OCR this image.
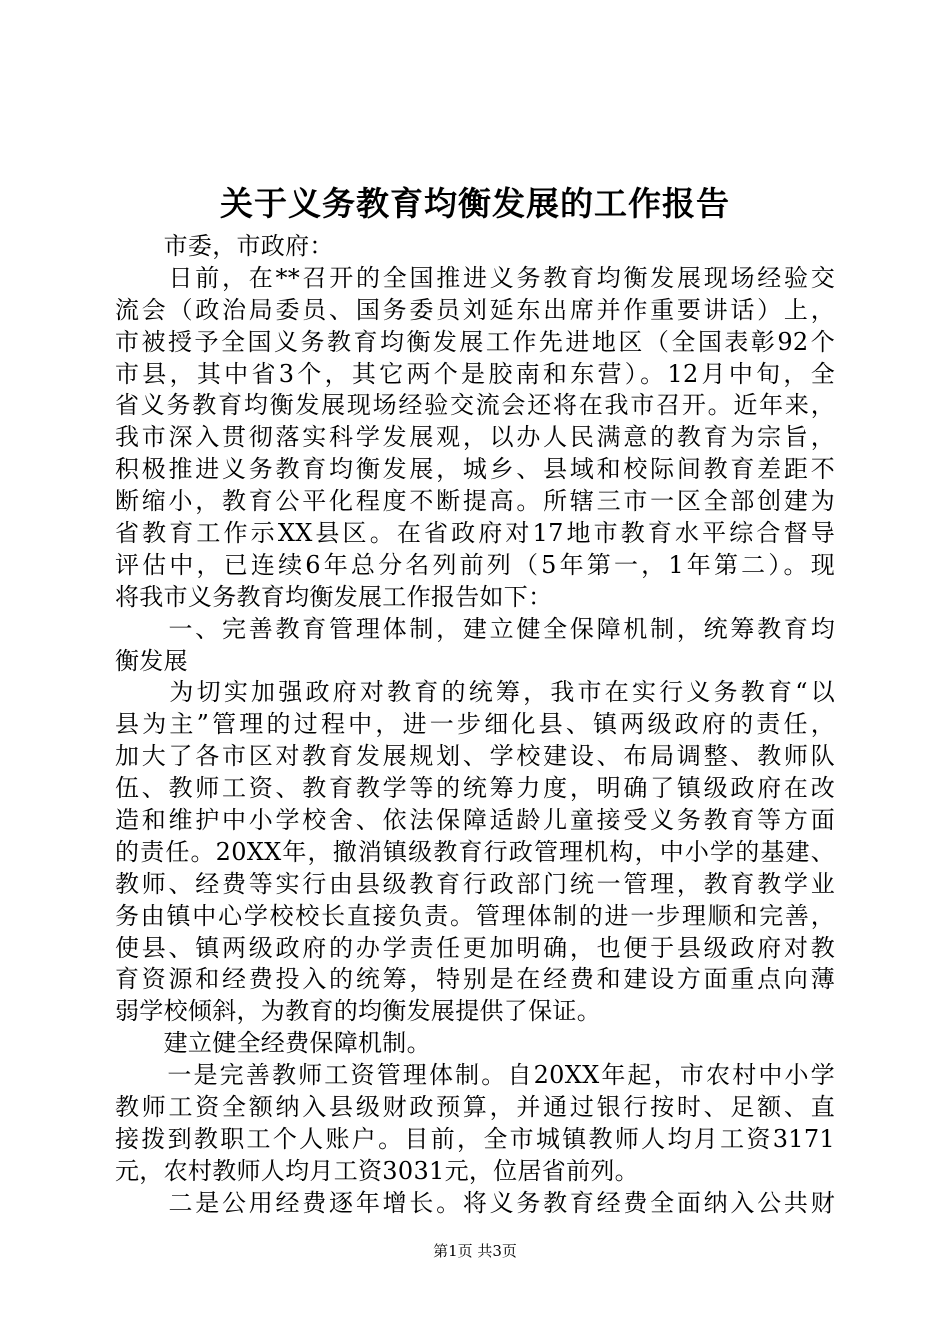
关于义务教育均衡发展的工作报告
　　市委，市政府：
　　日前，在**召开的全国推进义务教育均衡发展现场经验交
流会（政治局委员、国务委员刘延东出席并作重要讲话）上，
市被授予全国义务教育均衡发展工作先进地区（全国表彰92个
市县，其中省3个，其它两个是胶南和东营）。12月中旬，全
省义务教育均衡发展现场经验交流会还将在我市召开。近年来，
我市深入贯彻落实科学发展观，以办人民满意的教育为宗旨，
积极推进义务教育均衡发展，城乡、县域和校际间教育差距不
断缩小，教育公平化程度不断提高。所辖三市一区全部创建为
省教育工作示XX县区。在省政府对17地市教育水平综合督导
评估中，已连续6年总分名列前列（5年第一，1年第二）。现
将我市义务教育均衡发展工作报告如下：
　　一、完善教育管理体制，建立健全保障机制，统筹教育均
衡发展
　　为切实加强政府对教育的统筹，我市在实行义务教育“以
县为主”管理的过程中，进一步细化县、镇两级政府的责任，
加大了各市区对教育发展规划、学校建设、布局调整、教师队
伍、教师工资、教育教学等的统筹力度，明确了镇级政府在改
造和维护中小学校舍、依法保障适龄儿童接受义务教育等方面
的责任。20XX年，撤消镇级教育行政管理机构，中小学的基建、
教师、经费等实行由县级教育行政部门统一管理，教育教学业
务由镇中心学校校长直接负责。管理体制的进一步理顺和完善，
使县、镇两级政府的办学责任更加明确，也便于县级政府对教
育资源和经费投入的统筹，特别是在经费和建设方面重点向薄
弱学校倾斜，为教育的均衡发展提供了保证。
　　建立健全经费保障机制。
　　一是完善教师工资管理体制。自20XX年起，市农村中小学
教师工资全额纳入县级财政预算，并通过银行按时、足额、直
接拨到教职工个人账户。目前，全市城镇教师人均月工资3171
元，农村教师人均月工资3031元，位居省前列。
　　二是公用经费逐年增长。将义务教育经费全面纳入公共财
第1页 共3页
